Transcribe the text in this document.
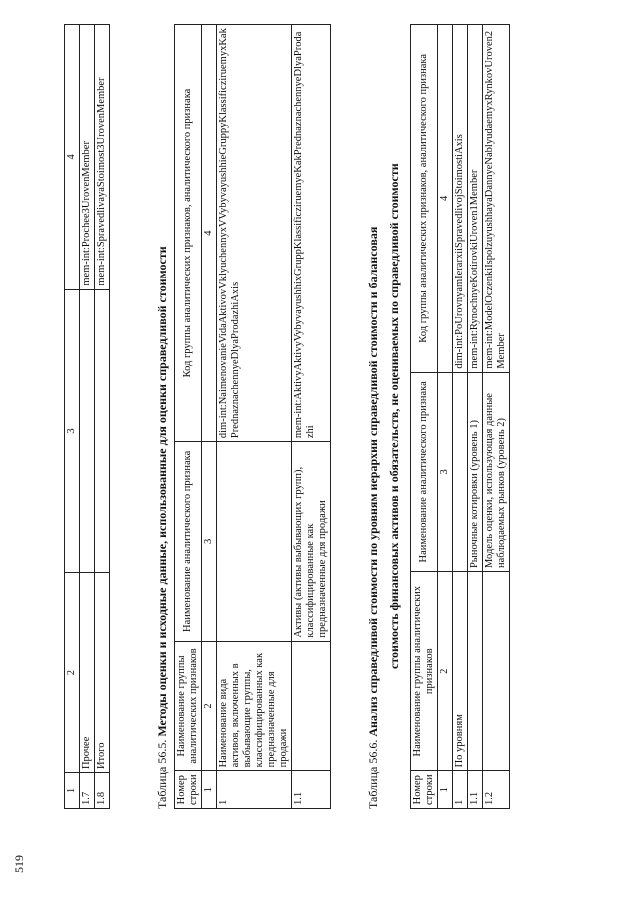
519
1	2	3	4
1.7	Прочее		mem-int:Prochee3UrovenMember
1.8	Итого		mem-int:SpravedlivayaStoimost3UrovenMember
Таблица 56.5. Методы оценки и исходные данные, использованные для оценки справедливой стоимости
Номер строки	Наименование группы аналитических признаков	Наименование аналитического признака	Код группы аналитических признаков, аналитического признака
1	2	3	4
1	Наименование вида активов, включенных в выбывающие группы, классифицированных как предназначенные для продажи		dim-int:NaimenovanieVidaAktivovVklyuchennyxVVybyvayushhieGruppyKlassificziruemyxKakPrednaznachennyeDlyaProdazhiAxis
1.1		Активы (активы выбывающих групп), классифицированные как предназначенные для продажи	mem-int:AktivyAktivyVybyvayushhixGruppKlassificziruemyeKakPrednaznachennyeDlyaProdazhi
Таблица 56.6. Анализ справедливой стоимости по уровням иерархии справедливой стоимости и балансовая стоимость финансовых активов и обязательств, не оцениваемых по справедливой стоимости
Номер строки	Наименование группы аналитических признаков	Наименование аналитического признака	Код группы аналитических признаков, аналитического признака
1	2	3	4
1	По уровням		dim-int:PoUrovnyamIerarxiiSpravedlivojStoimostiAxis
1.1		Рыночные котировки (уровень 1)	mem-int:RynochnyeKotirovkiUroven1Member
1.2		Модель оценки, использующая данные наблюдаемых рынков (уровень 2)	mem-int:ModelOczenkiIspolzuyushhayaDannyeNablyudaemyxRynkovUroven2Member
